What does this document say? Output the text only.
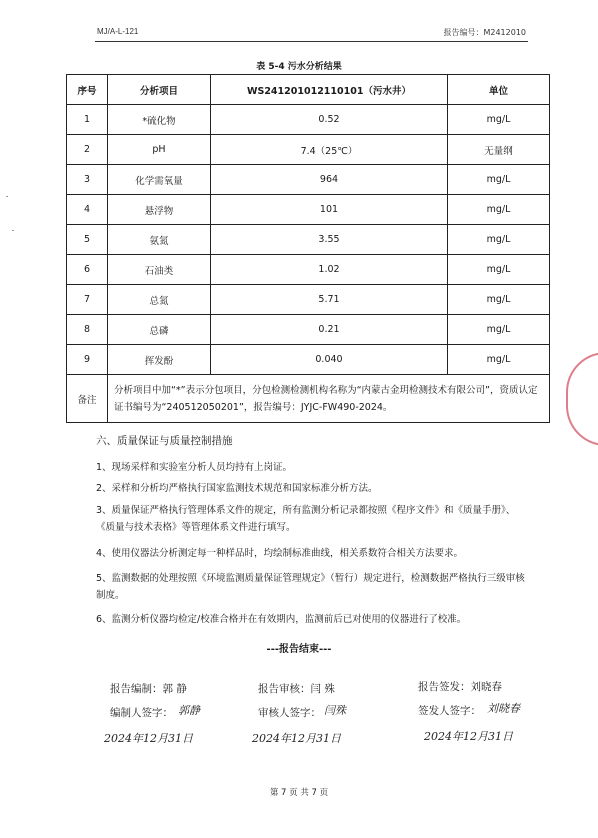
MJ/A-L-121	报告编号：M2412010
表 5-4 污水分析结果
序号	分析项目	WS241201012110101（污水井）	单位
1	*硫化物	0.52	mg/L
2	pH	7.4（25℃）	无量纲
3	化学需氧量	964	mg/L
4	悬浮物	101	mg/L
5	氨氮	3.55	mg/L
6	石油类	1.02	mg/L
7	总氮	5.71	mg/L
8	总磷	0.21	mg/L
9	挥发酚	0.040	mg/L
备注	分析项目中加“*”表示分包项目，分包检测检测机构名称为“内蒙古金玥检测技术有限公司”，资质认定证书编号为“240512050201”，报告编号：JYJC-FW490-2024。		
六、质量保证与质量控制措施
1、现场采样和实验室分析人员均持有上岗证。
2、采样和分析均严格执行国家监测技术规范和国家标准分析方法。
3、质量保证严格执行管理体系文件的规定，所有监测分析记录都按照《程序文件》和《质量手册》、《质量与技术表格》等管理体系文件进行填写。
4、使用仪器法分析测定每一种样品时，均绘制标准曲线，相关系数符合相关方法要求。
5、监测数据的处理按照《环境监测质量保证管理规定》（暂行）规定进行，检测数据严格执行三级审核制度。
6、监测分析仪器均检定/校准合格并在有效期内，监测前后已对使用的仪器进行了校准。
---报告结束---
报告编制：郭 静	报告审核：闫 殊	报告签发：刘晓春
编制人签字： 郭静	审核人签字： 闫殊	签发人签字： 刘晓春
2024年12月31日	2024年12月31日	2024年12月31日
第 7 页 共 7 页
